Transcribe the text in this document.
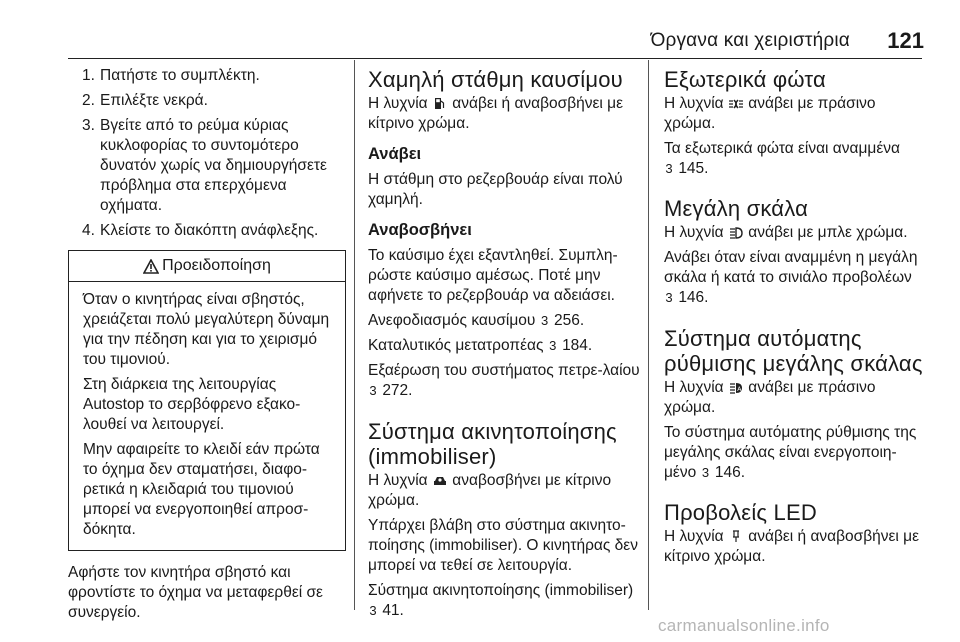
Όργανα και χειριστήρια 121
1. Πατήστε το συμπλέκτη.
2. Επιλέξτε νεκρά.
3. Βγείτε από το ρεύμα κύριας κυκλοφορίας το συντομότερο δυνατόν χωρίς να δημιουργήσετε πρόβλημα στα επερχόμενα οχήματα.
4. Κλείστε το διακόπτη ανάφλεξης.
Προειδοποίηση

Όταν ο κινητήρας είναι σβηστός, χρειάζεται πολύ μεγαλύτερη δύναμη για την πέδηση και για το χειρισμό του τιμονιού.

Στη διάρκεια της λειτουργίας Autostop το σερβόφρενο εξακο-λουθεί να λειτουργεί.

Μην αφαιρείτε το κλειδί εάν πρώτα το όχημα δεν σταματήσει, διαφο-ρετικά η κλειδαριά του τιμονιού μπορεί να ενεργοποιηθεί απροσ-δόκητα.

Αφήστε τον κινητήρα σβηστό και φροντίστε το όχημα να μεταφερθεί σε συνεργείο.

Χαμηλή στάθμη καυσίμου

Η λυχνία ανάβει ή αναβοσβήνει με κίτρινο χρώμα.

Ανάβει

Η στάθμη στο ρεζερβουάρ είναι πολύ χαμηλή.

Αναβοσβήνει

Το καύσιμο έχει εξαντληθεί. Συμπλη-ρώστε καύσιμο αμέσως. Ποτέ μην αφήνετε το ρεζερβουάρ να αδειάσει.

Ανεφοδιασμός καυσίμου 3 256.

Καταλυτικός μετατροπέας 3 184.

Εξαέρωση του συστήματος πετρε-λαίου 3 272.

Σύστημα ακινητοποίησης (immobiliser)

Η λυχνία αναβοσβήνει με κίτρινο χρώμα.

Υπάρχει βλάβη στο σύστημα ακινητο-ποίησης (immobiliser). Ο κινητήρας δεν μπορεί να τεθεί σε λειτουργία.

Σύστημα ακινητοποίησης (immobiliser) 3 41.

Εξωτερικά φώτα

Η λυχνία ανάβει με πράσινο χρώμα.

Τα εξωτερικά φώτα είναι αναμμένα
3 145.

Μεγάλη σκάλα

Η λυχνία ανάβει με μπλε χρώμα.

Ανάβει όταν είναι αναμμένη η μεγάλη σκάλα ή κατά το σινιάλο προβολέων
3 146.

Σύστημα αυτόματης ρύθμισης μεγάλης σκάλας

Η λυχνία A ανάβει με πράσινο χρώμα.

Το σύστημα αυτόματης ρύθμισης της μεγάλης σκάλας είναι ενεργοποιη-μένο 3 146.

Προβολείς LED

Η λυχνία ανάβει ή αναβοσβήνει με κίτρινο χρώμα.

carmanualsonline.info
